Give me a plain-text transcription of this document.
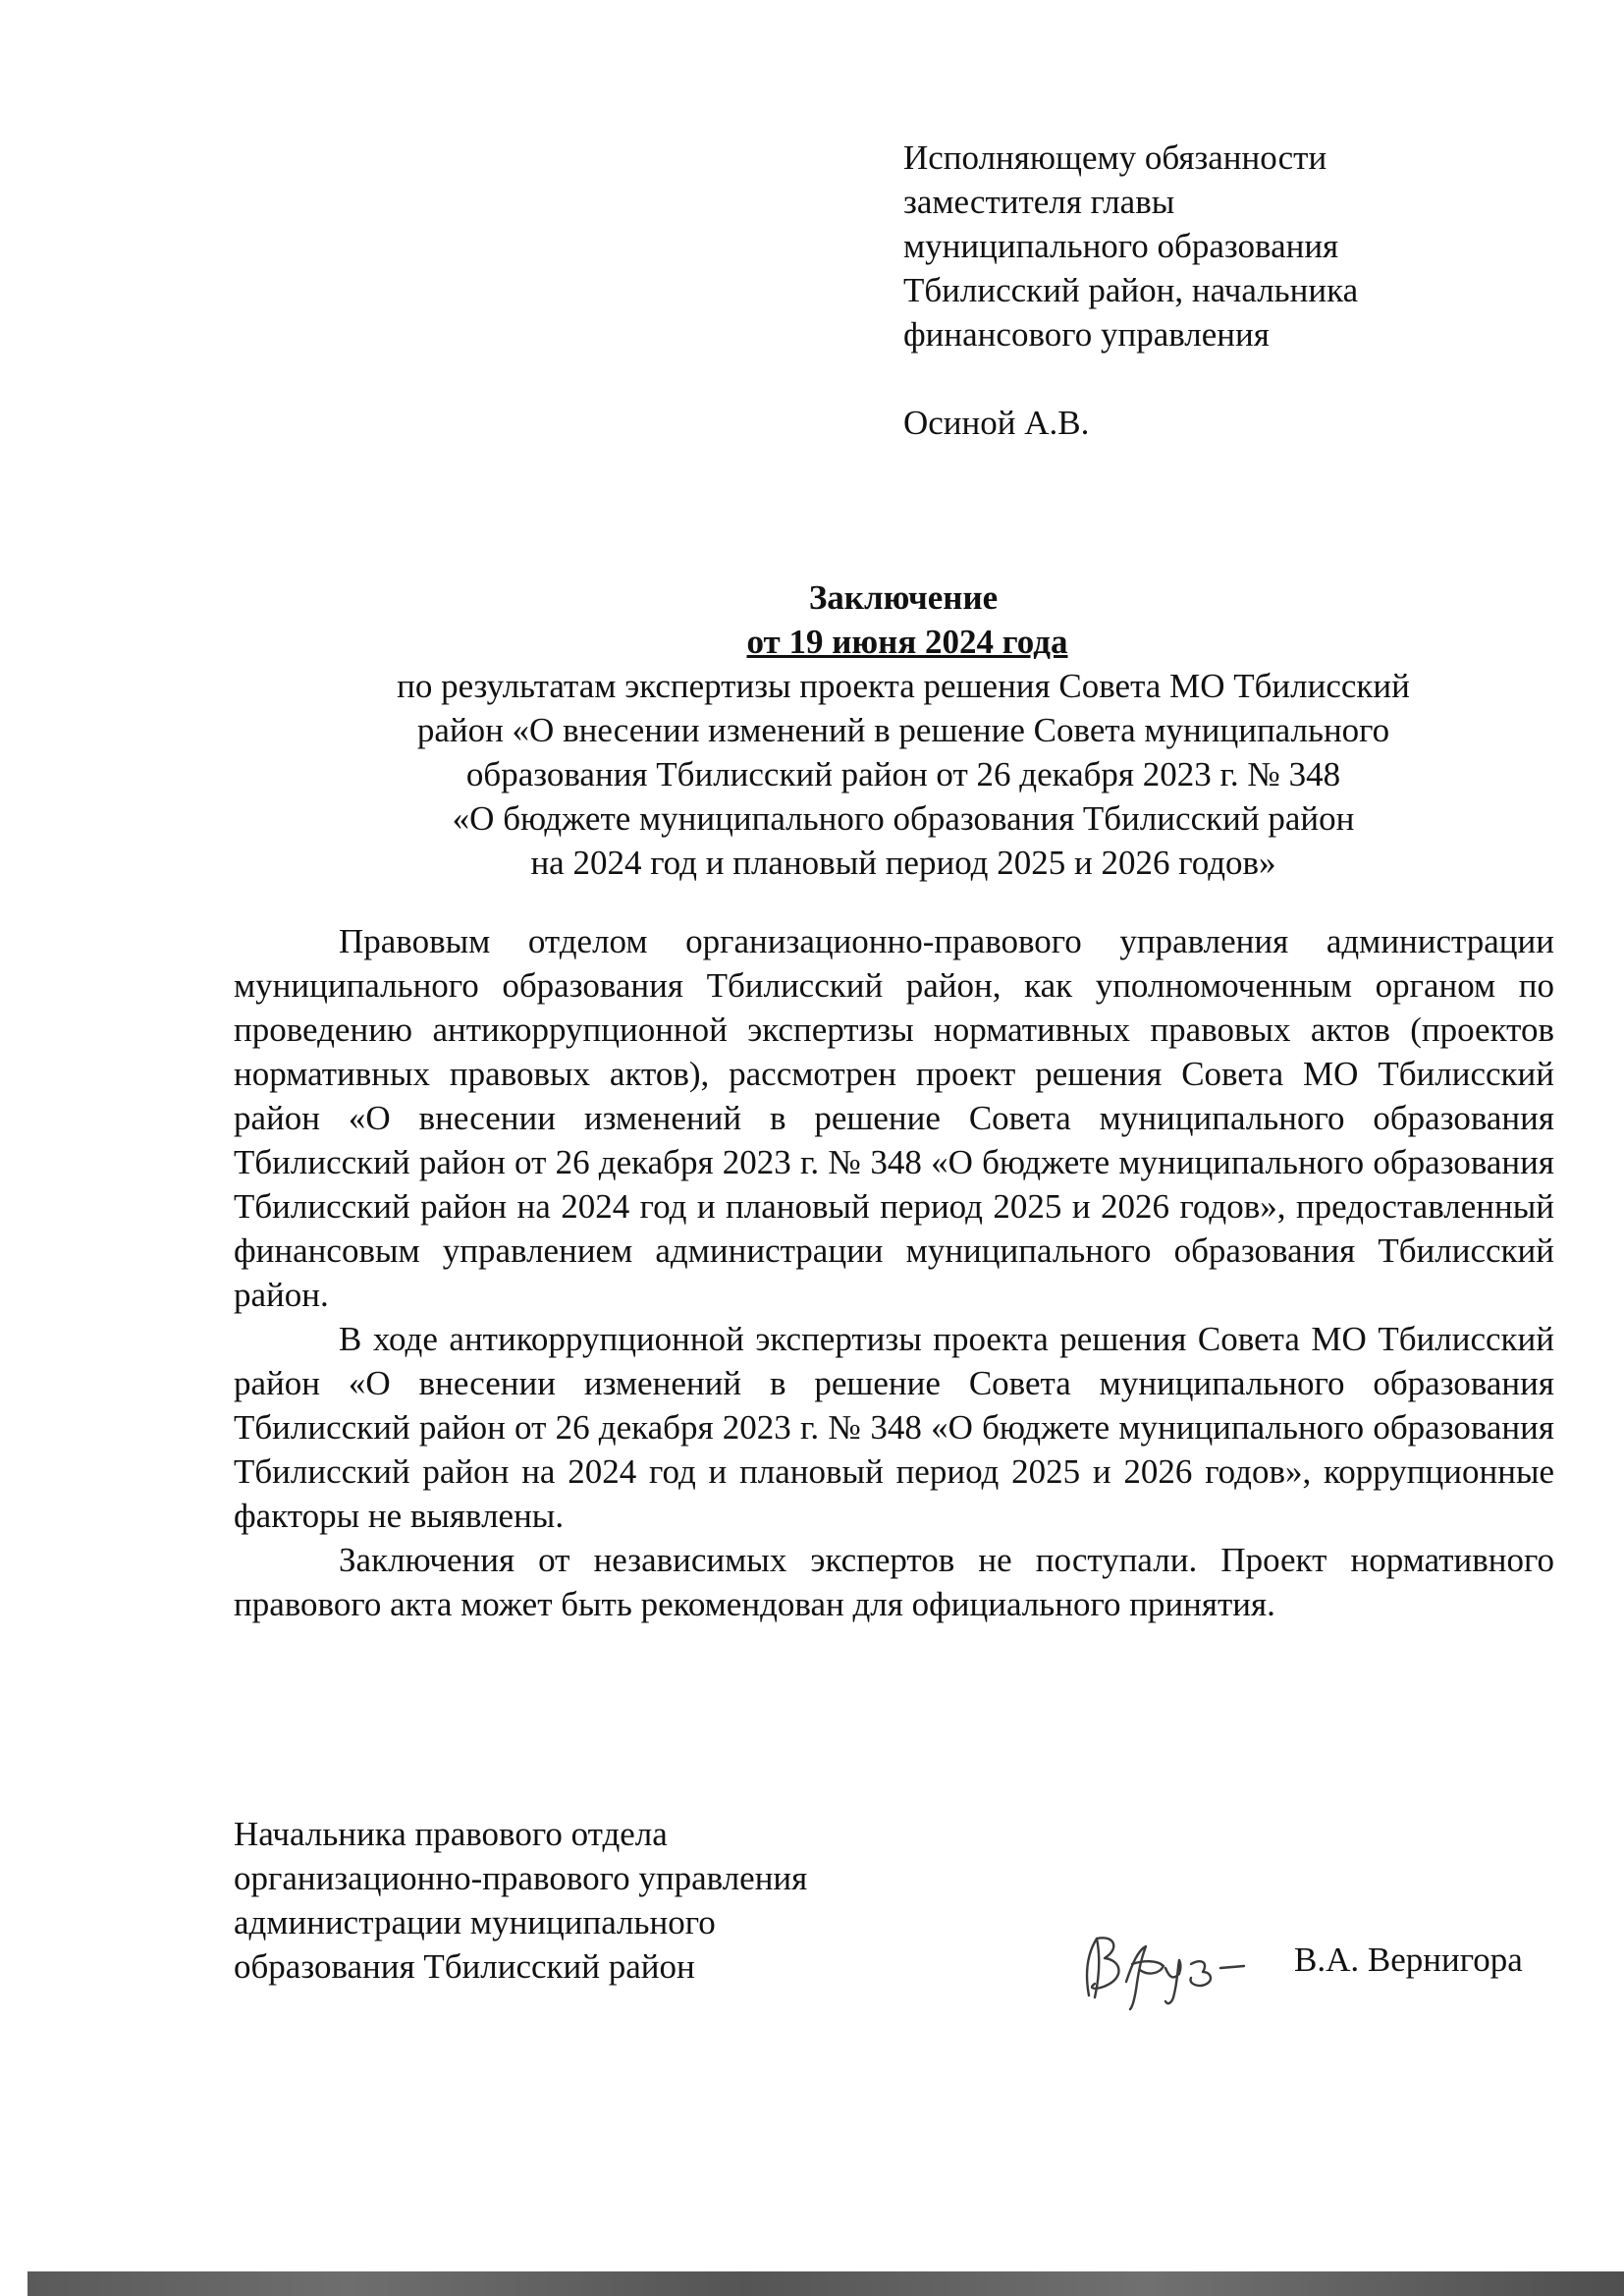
Исполняющему обязанности
заместителя главы
муниципального образования
Тбилисский район, начальника
финансового управления
Осиной А.В.
Заключение
от 19 июня 2024 года
по результатам экспертизы проекта решения Совета МО Тбилисский
район «О внесении изменений в решение Совета муниципального
образования Тбилисский район от 26 декабря 2023 г. № 348
«О бюджете муниципального образования Тбилисский район
на 2024 год и плановый период 2025 и 2026 годов»

Правовым отделом организационно-правового управления администрации муниципального образования Тбилисский район, как уполномоченным органом по проведению антикоррупционной экспертизы нормативных правовых актов (проектов нормативных правовых актов), рассмотрен проект решения Совета МО Тбилисский район «О внесении изменений в решение Совета муниципального образования Тбилисский район от 26 декабря 2023 г. № 348 «О бюджете муниципального образования Тбилисский район на 2024 год и плановый период 2025 и 2026 годов», предоставленный финансовым управлением администрации муниципального образования Тбилисский район.

В ходе антикоррупционной экспертизы проекта решения Совета МО Тбилисский район «О внесении изменений в решение Совета муниципального образования Тбилисский район от 26 декабря 2023 г. № 348 «О бюджете муниципального образования Тбилисский район на 2024 год и плановый период 2025 и 2026 годов», коррупционные факторы не выявлены.

Заключения от независимых экспертов не поступали. Проект нормативного правового акта может быть рекомендован для официального принятия.

Начальника правового отдела
организационно-правового управления
администрации муниципального
образования Тбилисский район	В.А. Вернигора
